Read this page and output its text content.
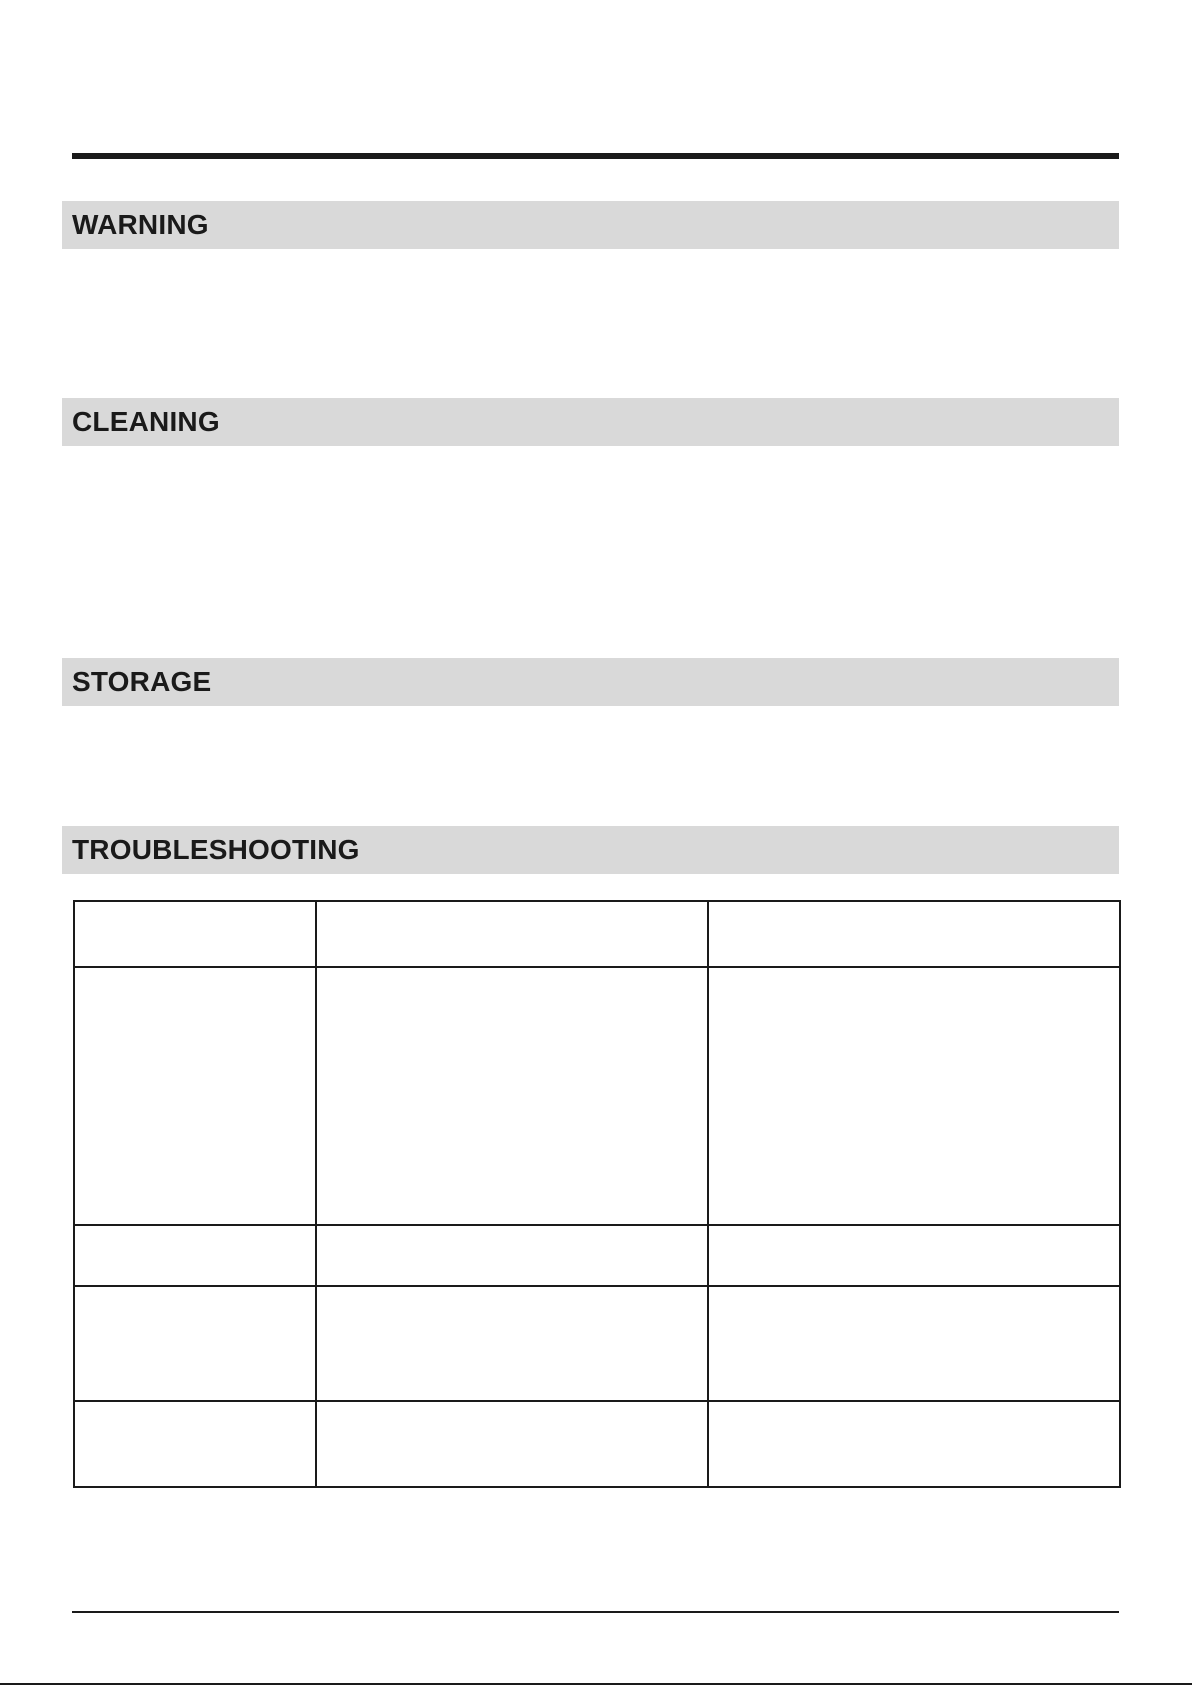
WARNING
CLEANING
STORAGE
TROUBLESHOOTING
